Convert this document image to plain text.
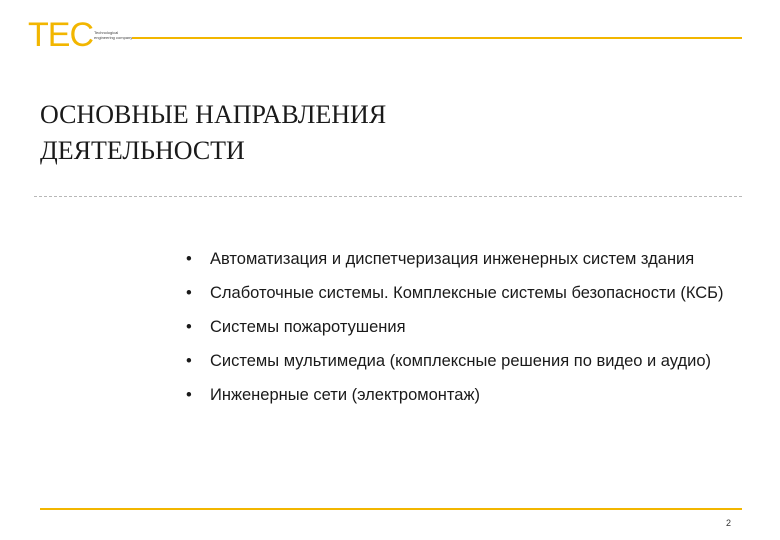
TEC Technological engineering company
ОСНОВНЫЕ НАПРАВЛЕНИЯ
ДЕЯТЕЛЬНОСТИ
•	Автоматизация и диспетчеризация инженерных систем здания
•	Слаботочные системы. Комплексные системы безопасности (КСБ)
•	Системы пожаротушения
•	Системы мультимедиа (комплексные решения по видео и аудио)
•	Инженерные сети (электромонтаж)
2
